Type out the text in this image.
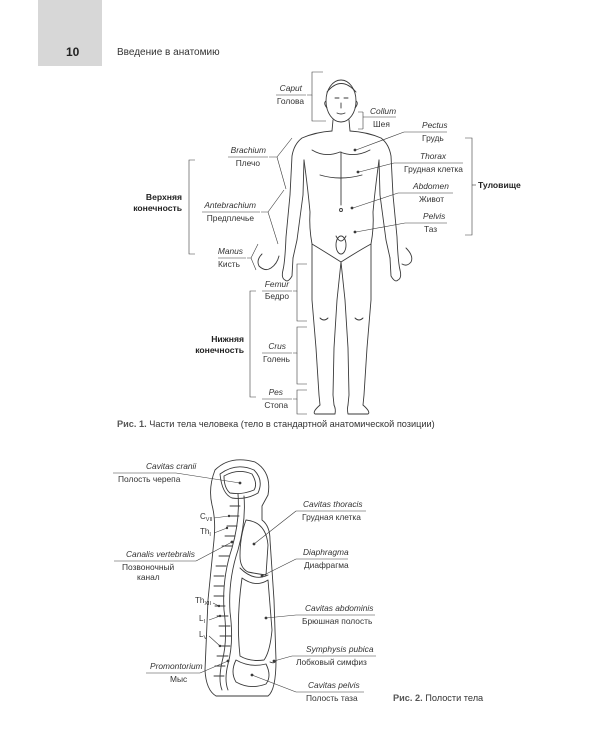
10	Введение в анатомию
Caput
Голова
Collum
Шея	Pectus
Грудь
Thorax
Грудная клетка
Abdomen
Живот
Pelvis
Таз
Туловище
Brachium
Плечо
Antebrachium
Предплечье
Manus
Кисть
Верхняя
конечность
Femur
Бедро
Crus
Голень
Pes
Стопа
Нижняя
конечность
Cavitas cranii
Полость черепа
Canalis vertebralis
Позвоночный
канал
Promontorium
Мыс
$C_{VII}$
$Th_I$
$Th_{XII}$
$L_I$
$L_V$
Cavitas thoracis
Грудная клетка
Diaphragma
Диафрагма
Cavitas abdominis
Брюшная полость
Symphysis pubica
Лобковый симфиз
Cavitas pelvis
Полость таза
Рис. 1. Части тела человека (тело в стандартной анатомической позиции)
Рис. 2. Полости тела
